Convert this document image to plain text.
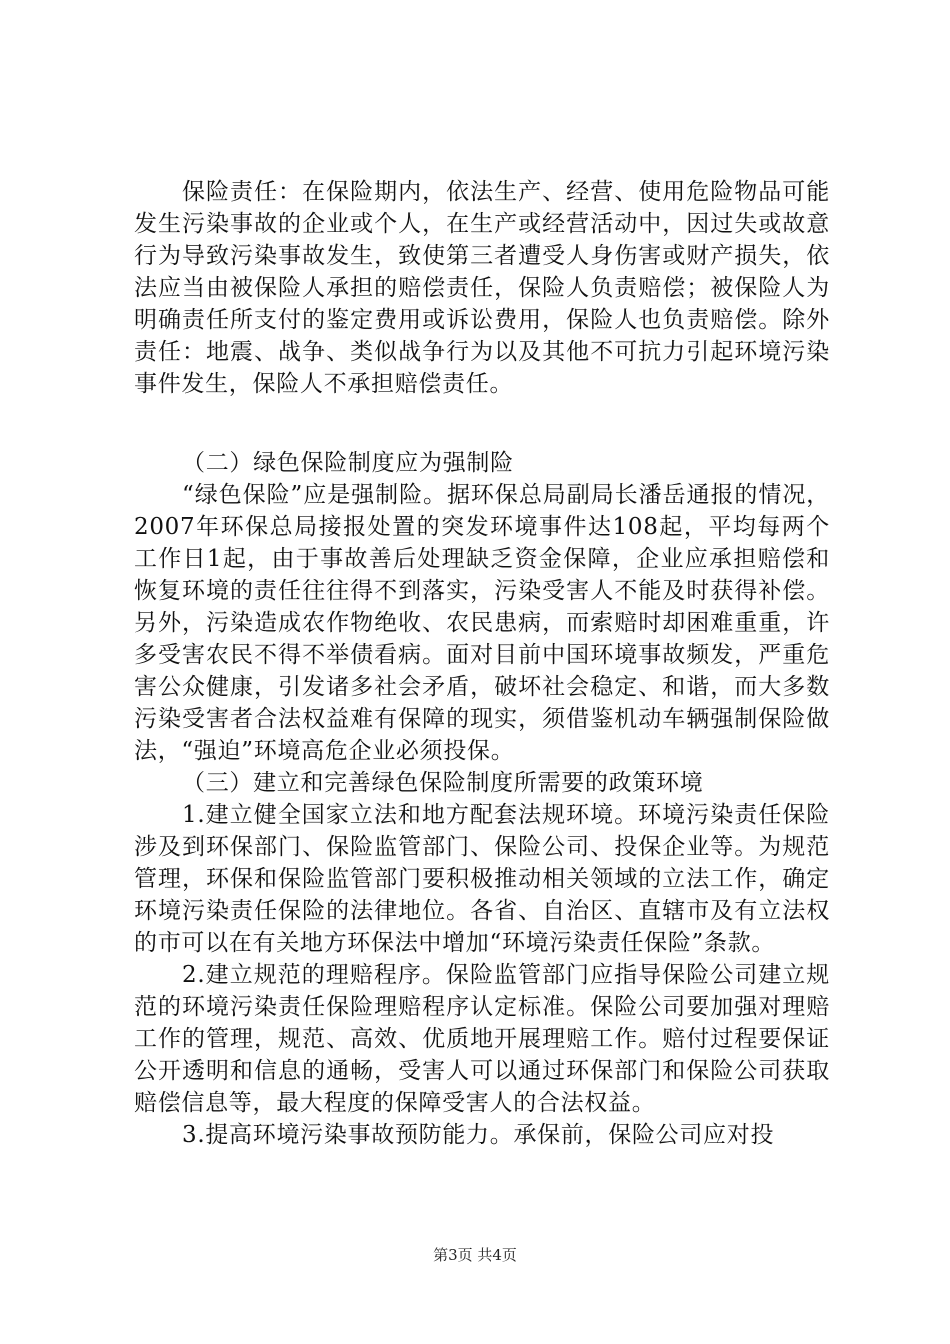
保险责任：在保险期内，依法生产、经营、使用危险物品可能发生污染事故的企业或个人，在生产或经营活动中，因过失或故意行为导致污染事故发生，致使第三者遭受人身伤害或财产损失，依法应当由被保险人承担的赔偿责任，保险人负责赔偿；被保险人为明确责任所支付的鉴定费用或诉讼费用，保险人也负责赔偿。除外责任：地震、战争、类似战争行为以及其他不可抗力引起环境污染事件发生，保险人不承担赔偿责任。

（二）绿色保险制度应为强制险

“绿色保险”应是强制险。据环保总局副局长潘岳通报的情况，2007年环保总局接报处置的突发环境事件达108起，平均每两个工作日1起，由于事故善后处理缺乏资金保障，企业应承担赔偿和恢复环境的责任往往得不到落实，污染受害人不能及时获得补偿。另外，污染造成农作物绝收、农民患病，而索赔时却困难重重，许多受害农民不得不举债看病。面对目前中国环境事故频发，严重危害公众健康，引发诸多社会矛盾，破坏社会稳定、和谐，而大多数污染受害者合法权益难有保障的现实，须借鉴机动车辆强制保险做法，“强迫”环境高危企业必须投保。

（三）建立和完善绿色保险制度所需要的政策环境

1.建立健全国家立法和地方配套法规环境。环境污染责任保险涉及到环保部门、保险监管部门、保险公司、投保企业等。为规范管理，环保和保险监管部门要积极推动相关领域的立法工作，确定环境污染责任保险的法律地位。各省、自治区、直辖市及有立法权的市可以在有关地方环保法中增加“环境污染责任保险”条款。

2.建立规范的理赔程序。保险监管部门应指导保险公司建立规范的环境污染责任保险理赔程序认定标准。保险公司要加强对理赔工作的管理，规范、高效、优质地开展理赔工作。赔付过程要保证公开透明和信息的通畅，受害人可以通过环保部门和保险公司获取赔偿信息等，最大程度的保障受害人的合法权益。

3.提高环境污染事故预防能力。承保前，保险公司应对投

第3页 共4页
